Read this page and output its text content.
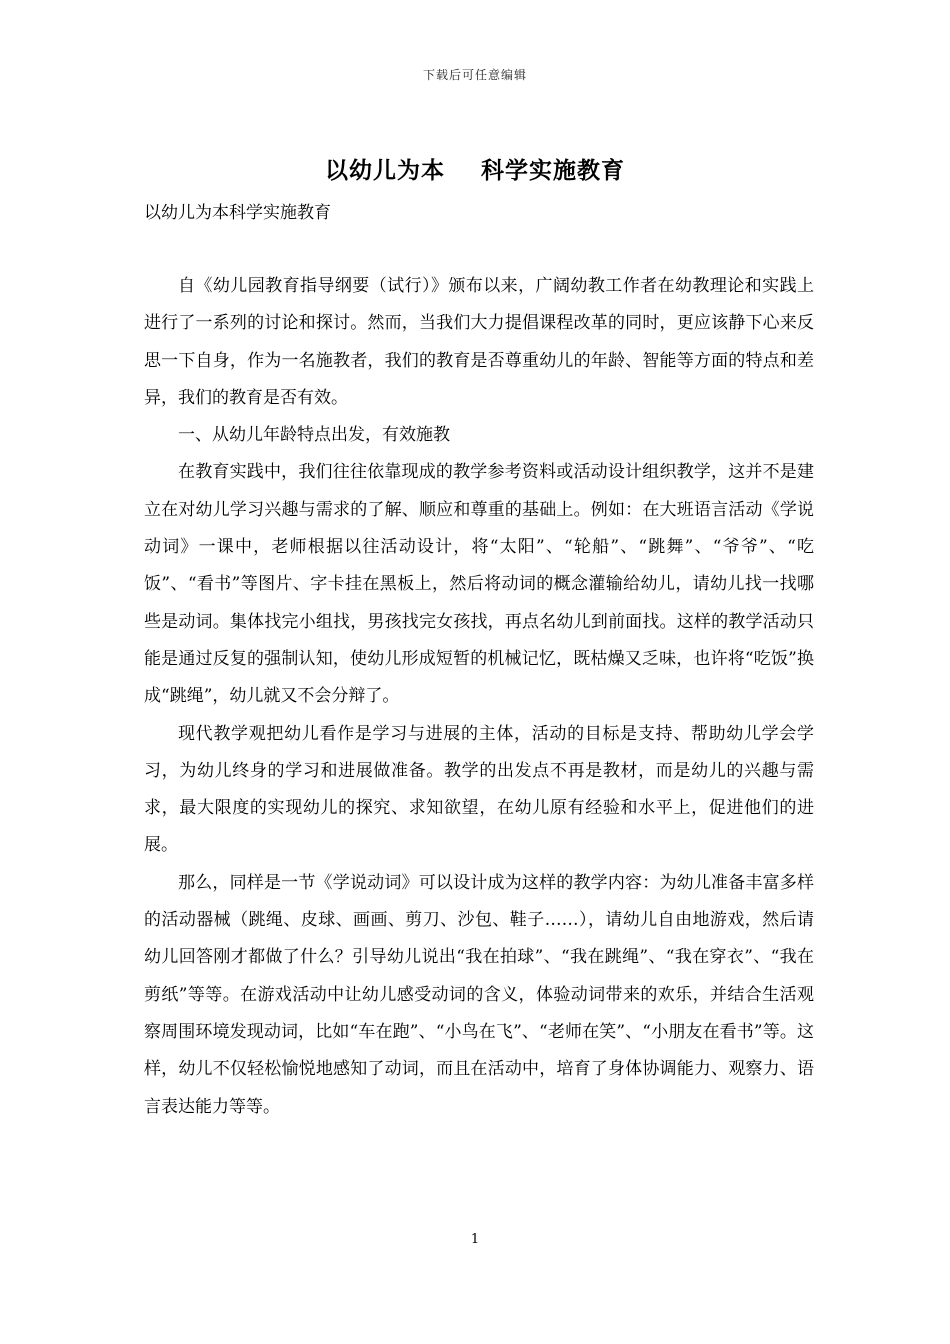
下载后可任意编辑
以幼儿为本    科学实施教育
以幼儿为本科学实施教育

自《幼儿园教育指导纲要（试行）》颁布以来，广阔幼教工作者在幼教理论和实践上进行了一系列的讨论和探讨。然而，当我们大力提倡课程改革的同时，更应该静下心来反思一下自身，作为一名施教者，我们的教育是否尊重幼儿的年龄、智能等方面的特点和差异，我们的教育是否有效。

一、从幼儿年龄特点出发，有效施教

在教育实践中，我们往往依靠现成的教学参考资料或活动设计组织教学，这并不是建立在对幼儿学习兴趣与需求的了解、顺应和尊重的基础上。例如：在大班语言活动《学说动词》一课中，老师根据以往活动设计，将“太阳”、“轮船”、“跳舞”、“爷爷”、“吃饭”、“看书”等图片、字卡挂在黑板上，然后将动词的概念灌输给幼儿，请幼儿找一找哪些是动词。集体找完小组找，男孩找完女孩找，再点名幼儿到前面找。这样的教学活动只能是通过反复的强制认知，使幼儿形成短暂的机械记忆，既枯燥又乏味，也许将“吃饭”换成“跳绳”，幼儿就又不会分辩了。

现代教学观把幼儿看作是学习与进展的主体，活动的目标是支持、帮助幼儿学会学习，为幼儿终身的学习和进展做准备。教学的出发点不再是教材，而是幼儿的兴趣与需求，最大限度的实现幼儿的探究、求知欲望，在幼儿原有经验和水平上，促进他们的进展。

那么，同样是一节《学说动词》可以设计成为这样的教学内容：为幼儿准备丰富多样的活动器械（跳绳、皮球、画画、剪刀、沙包、鞋子……），请幼儿自由地游戏，然后请幼儿回答刚才都做了什么？引导幼儿说出“我在拍球”、“我在跳绳”、“我在穿衣”、“我在剪纸”等等。在游戏活动中让幼儿感受动词的含义，体验动词带来的欢乐，并结合生活观察周围环境发现动词，比如“车在跑”、“小鸟在飞”、“老师在笑”、“小朋友在看书”等。这样，幼儿不仅轻松愉悦地感知了动词，而且在活动中，培育了身体协调能力、观察力、语言表达能力等等。

1
